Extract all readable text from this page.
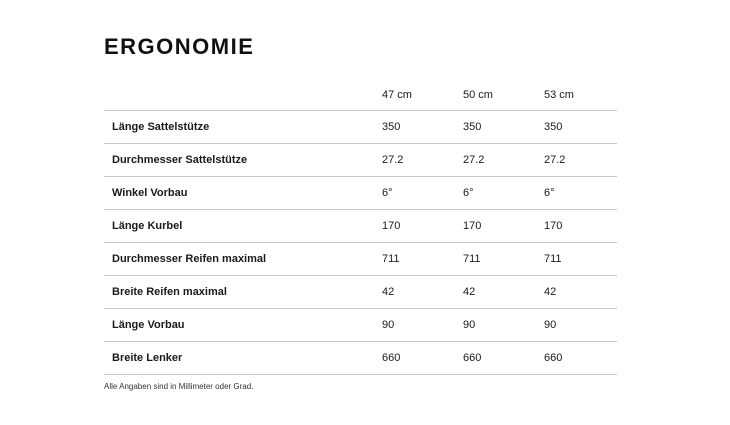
ERGONOMIE
	47 cm	50 cm	53 cm
Länge Sattelstütze	350	350	350
Durchmesser Sattelstütze	27.2	27.2	27.2
Winkel Vorbau	6°	6°	6°
Länge Kurbel	170	170	170
Durchmesser Reifen maximal	711	711	711
Breite Reifen maximal	42	42	42
Länge Vorbau	90	90	90
Breite Lenker	660	660	660

Alle Angaben sind in Millimeter oder Grad.
